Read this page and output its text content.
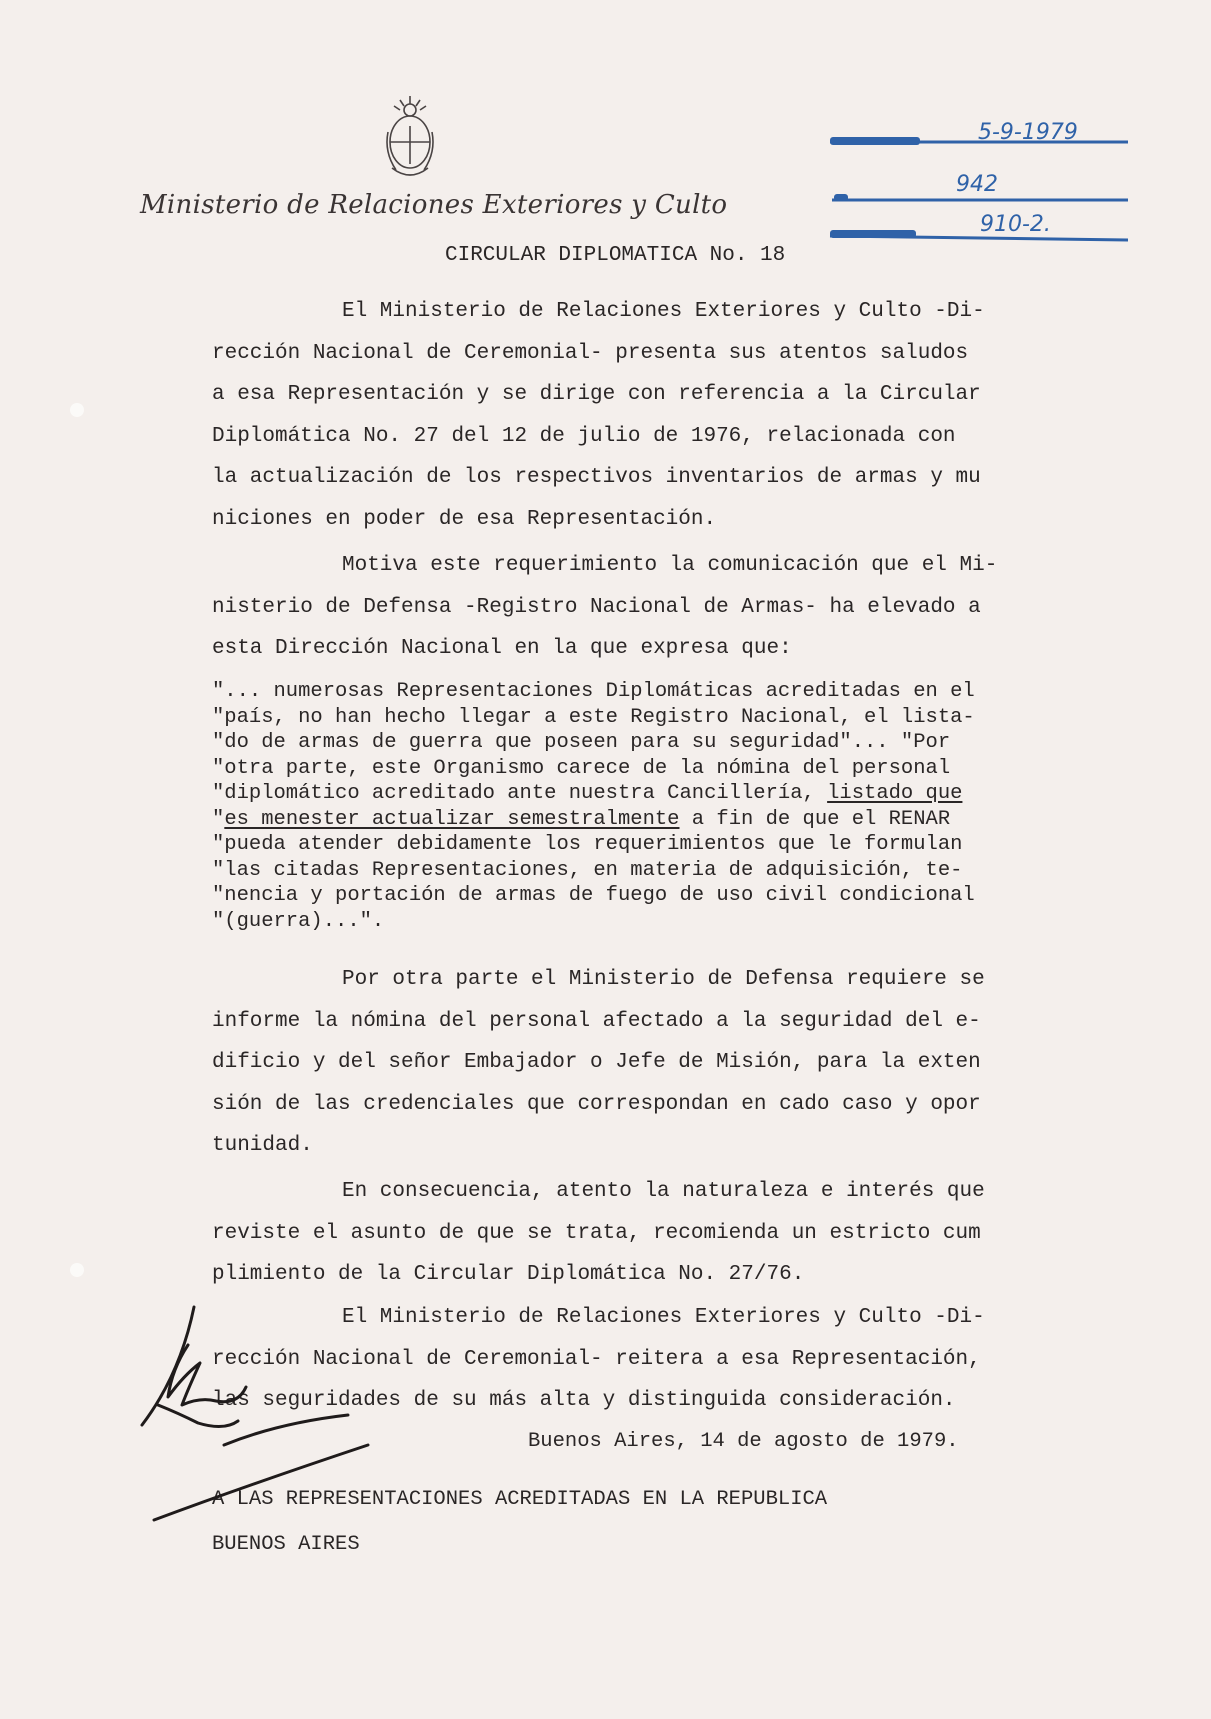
Ministerio de Relaciones Exteriores y Culto
5-9-1979
942
910-2.
CIRCULAR DIPLOMATICA No. 18
El Ministerio de Relaciones Exteriores y Culto -Di-
rección Nacional de Ceremonial- presenta sus atentos saludos
a esa Representación y se dirige con referencia a la Circular
Diplomática No. 27 del 12 de julio de 1976, relacionada con
la actualización de los respectivos inventarios de armas y mu
niciones en poder de esa Representación.
Motiva este requerimiento la comunicación que el Mi-
nisterio de Defensa -Registro Nacional de Armas- ha elevado a
esta Dirección Nacional en la que expresa que:
"... numerosas Representaciones Diplomáticas acreditadas en el
"país, no han hecho llegar a este Registro Nacional, el lista-
"do de armas de guerra que poseen para su seguridad"... "Por
"otra parte, este Organismo carece de la nómina del personal
"diplomático acreditado ante nuestra Cancillería, listado que
"es menester actualizar semestralmente a fin de que el RENAR
"pueda atender debidamente los requerimientos que le formulan
"las citadas Representaciones, en materia de adquisición, te-
"nencia y portación de armas de fuego de uso civil condicional
"(guerra)...".
Por otra parte el Ministerio de Defensa requiere se
informe la nómina del personal afectado a la seguridad del e-
dificio y del señor Embajador o Jefe de Misión, para la exten
sión de las credenciales que correspondan en cado caso y opor
tunidad.
En consecuencia, atento la naturaleza e interés que
reviste el asunto de que se trata, recomienda un estricto cum
plimiento de la Circular Diplomática No. 27/76.
El Ministerio de Relaciones Exteriores y Culto -Di-
rección Nacional de Ceremonial- reitera a esa Representación,
las seguridades de su más alta y distinguida consideración.
Buenos Aires, 14 de agosto de 1979.
A LAS REPRESENTACIONES ACREDITADAS EN LA REPUBLICA
BUENOS AIRES
